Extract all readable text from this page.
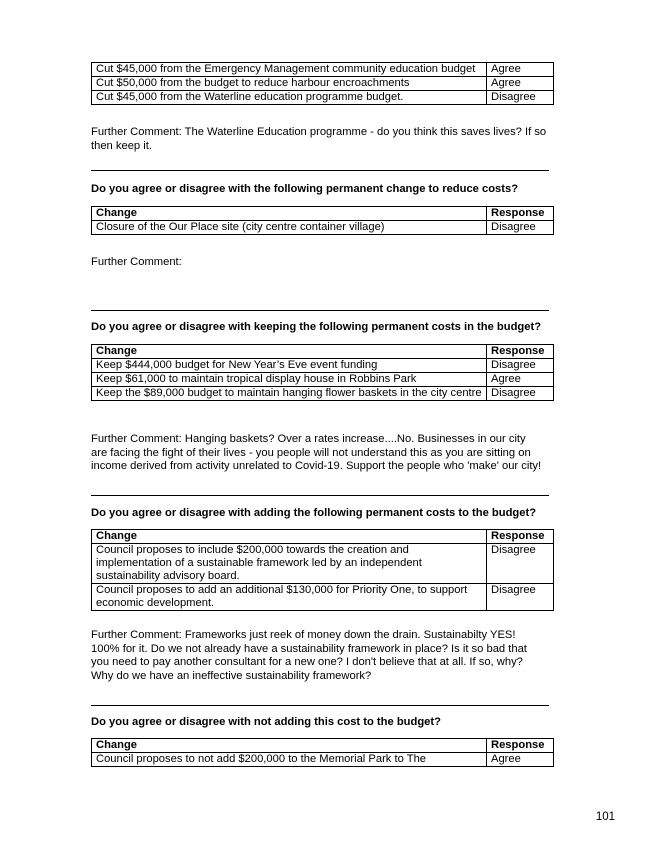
Cut $45,000 from the Emergency Management community education budget	Agree
Cut $50,000 from the budget to reduce harbour encroachments	Agree
Cut $45,000 from the Waterline education programme budget.	Disagree
Further Comment: The Waterline Education programme - do you think this saves lives? If so
then keep it.
Do you agree or disagree with the following permanent change to reduce costs?
Change	Response
Closure of the Our Place site (city centre container village)	Disagree
Further Comment:
Do you agree or disagree with keeping the following permanent costs in the budget?
Change	Response
Keep $444,000 budget for New Year’s Eve event funding	Disagree
Keep $61,000 to maintain tropical display house in Robbins Park	Agree
Keep the $89,000 budget to maintain hanging flower baskets in the city centre	Disagree
Further Comment: Hanging baskets? Over a rates increase....No. Businesses in our city
are facing the fight of their lives - you people will not understand this as you are sitting on
income derived from activity unrelated to Covid-19. Support the people who 'make' our city!
Do you agree or disagree with adding the following permanent costs to the budget?
Change	Response
Council proposes to include $200,000 towards the creation and implementation of a sustainable framework led by an independent sustainability advisory board.	Disagree
Council proposes to add an additional $130,000 for Priority One, to support economic development.	Disagree
Further Comment: Frameworks just reek of money down the drain. Sustainabilty YES!
100% for it. Do we not already have a sustainability framework in place? Is it so bad that
you need to pay another consultant for a new one? I don't believe that at all. If so, why?
Why do we have an ineffective sustainability framework?
Do you agree or disagree with not adding this cost to the budget?
Change	Response
Council proposes to not add $200,000 to the Memorial Park to The	Agree
101
